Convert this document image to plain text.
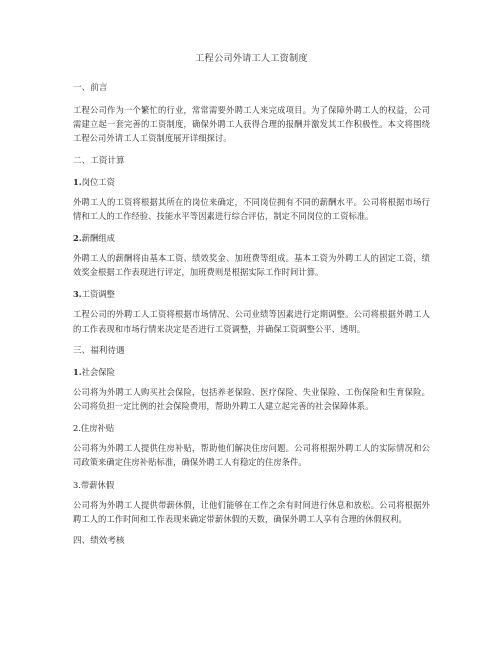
工程公司外请工人工资制度
一、前言
工程公司作为一个繁忙的行业，常常需要外聘工人来完成项目。为了保障外聘工人的权益，公司需建立起一套完善的工资制度，确保外聘工人获得合理的报酬并激发其工作积极性。本文将围绕工程公司外请工人工资制度展开详细探讨。
二、工资计算
1.岗位工资
外聘工人的工资将根据其所在的岗位来确定，不同岗位拥有不同的薪酬水平。公司将根据市场行情和工人的工作经验、技能水平等因素进行综合评估，制定不同岗位的工资标准。
2.薪酬组成
外聘工人的薪酬将由基本工资、绩效奖金、加班费等组成。基本工资为外聘工人的固定工资，绩效奖金根据工作表现进行评定，加班费则是根据实际工作时间计算。
3.工资调整
工程公司的外聘工人工资将根据市场情况、公司业绩等因素进行定期调整。公司将根据外聘工人的工作表现和市场行情来决定是否进行工资调整，并确保工资调整公平、透明。
三、福利待遇
1.社会保险
公司将为外聘工人购买社会保险，包括养老保险、医疗保险、失业保险、工伤保险和生育保险。公司将负担一定比例的社会保险费用，帮助外聘工人建立起完善的社会保障体系。
2.住房补贴
公司将为外聘工人提供住房补贴，帮助他们解决住房问题。公司将根据外聘工人的实际情况和公司政策来确定住房补贴标准，确保外聘工人有稳定的住房条件。
3.带薪休假
公司将为外聘工人提供带薪休假，让他们能够在工作之余有时间进行休息和放松。公司将根据外聘工人的工作时间和工作表现来确定带薪休假的天数，确保外聘工人享有合理的休假权利。
四、绩效考核
